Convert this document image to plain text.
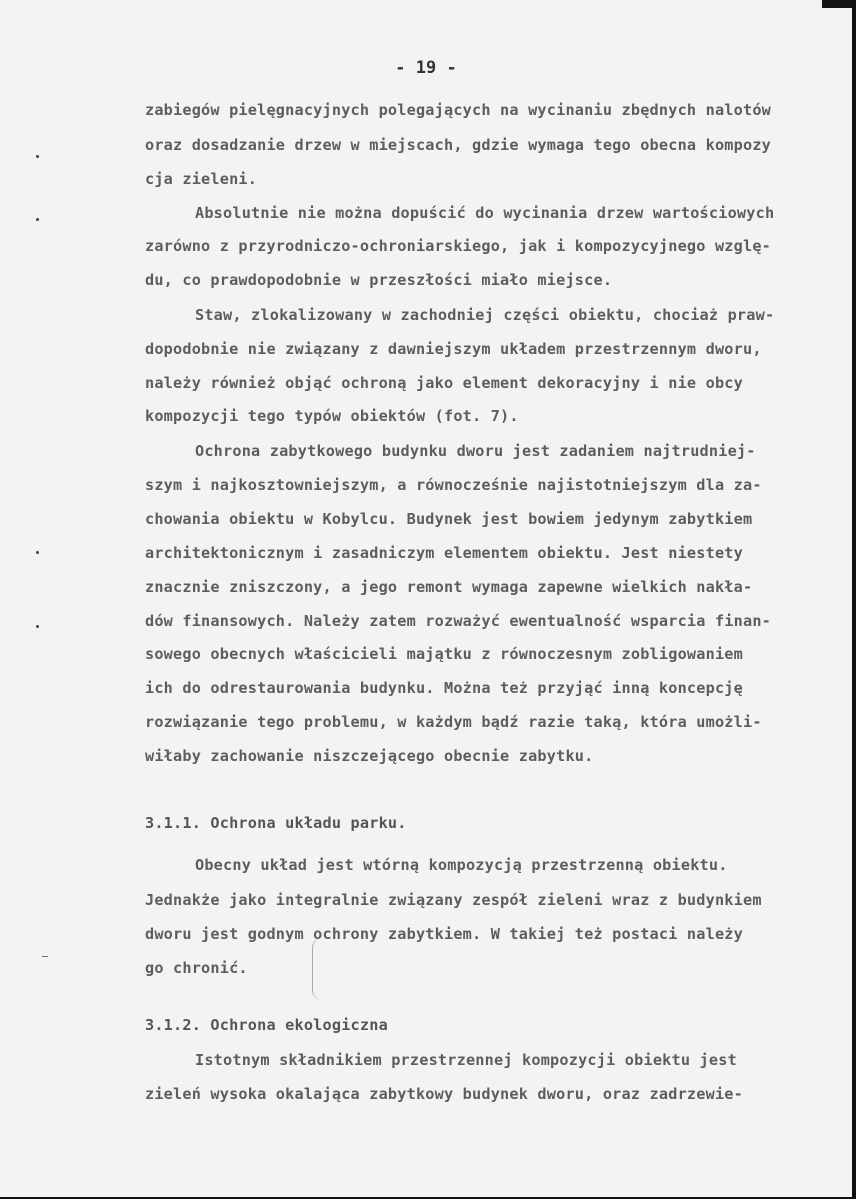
- 19 -
zabiegów pielęgnacyjnych polegających na wycinaniu zbędnych nalotów
oraz dosadzanie drzew w miejscach, gdzie wymaga tego obecna kompozy
cja zieleni.
Absolutnie nie można dopuścić do wycinania drzew wartościowych
zarówno z przyrodniczo-ochroniarskiego, jak i kompozycyjnego wzglę-
du, co prawdopodobnie w przeszłości miało miejsce.
Staw, zlokalizowany w zachodniej części obiektu, chociaż praw-
dopodobnie nie związany z dawniejszym układem przestrzennym dworu,
należy również objąć ochroną jako element dekoracyjny i nie obcy
kompozycji tego typów obiektów (fot. 7).
Ochrona zabytkowego budynku dworu jest zadaniem najtrudniej-
szym i najkosztowniejszym, a równocześnie najistotniejszym dla za-
chowania obiektu w Kobylcu. Budynek jest bowiem jedynym zabytkiem
architektonicznym i zasadniczym elementem obiektu. Jest niestety
znacznie zniszczony, a jego remont wymaga zapewne wielkich nakła-
dów finansowych. Należy zatem rozważyć ewentualność wsparcia finan-
sowego obecnych właścicieli majątku z równoczesnym zobligowaniem
ich do odrestaurowania budynku. Można też przyjąć inną koncepcję
rozwiązanie tego problemu, w każdym bądź razie taką, która umożli-
wiłaby zachowanie niszczejącego obecnie zabytku.
3.1.1. Ochrona układu parku.
Obecny układ jest wtórną kompozycją przestrzenną obiektu.
Jednakże jako integralnie związany zespół zieleni wraz z budynkiem
dworu jest godnym ochrony zabytkiem. W takiej też postaci należy
go chronić.
3.1.2. Ochrona ekologiczna
Istotnym składnikiem przestrzennej kompozycji obiektu jest
zieleń wysoka okalająca zabytkowy budynek dworu, oraz zadrzewie-
